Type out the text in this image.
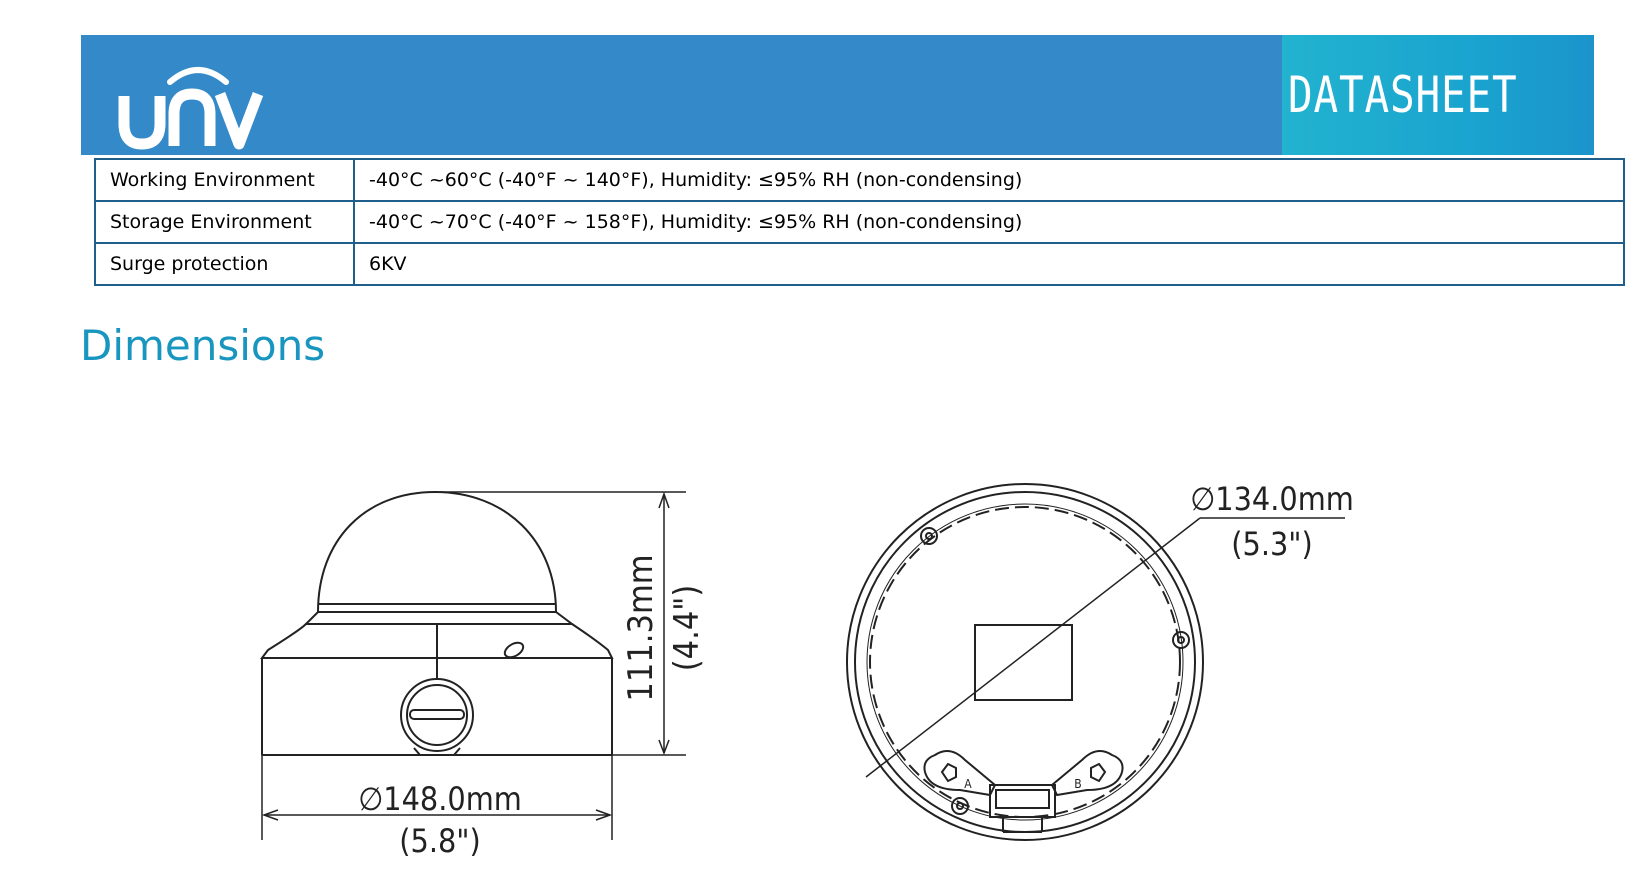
DATASHEET
Working Environment	-40°C ~60°C (-40°F ~ 140°F), Humidity: ≤95% RH (non-condensing)
Storage Environment	-40°C ~70°C (-40°F ~ 158°F), Humidity: ≤95% RH (non-condensing)
Surge protection	6KV
Dimensions
111.3mm (4.4")
∅148.0mm
(5.8")
∅134.0mm
(5.3")
A	B
